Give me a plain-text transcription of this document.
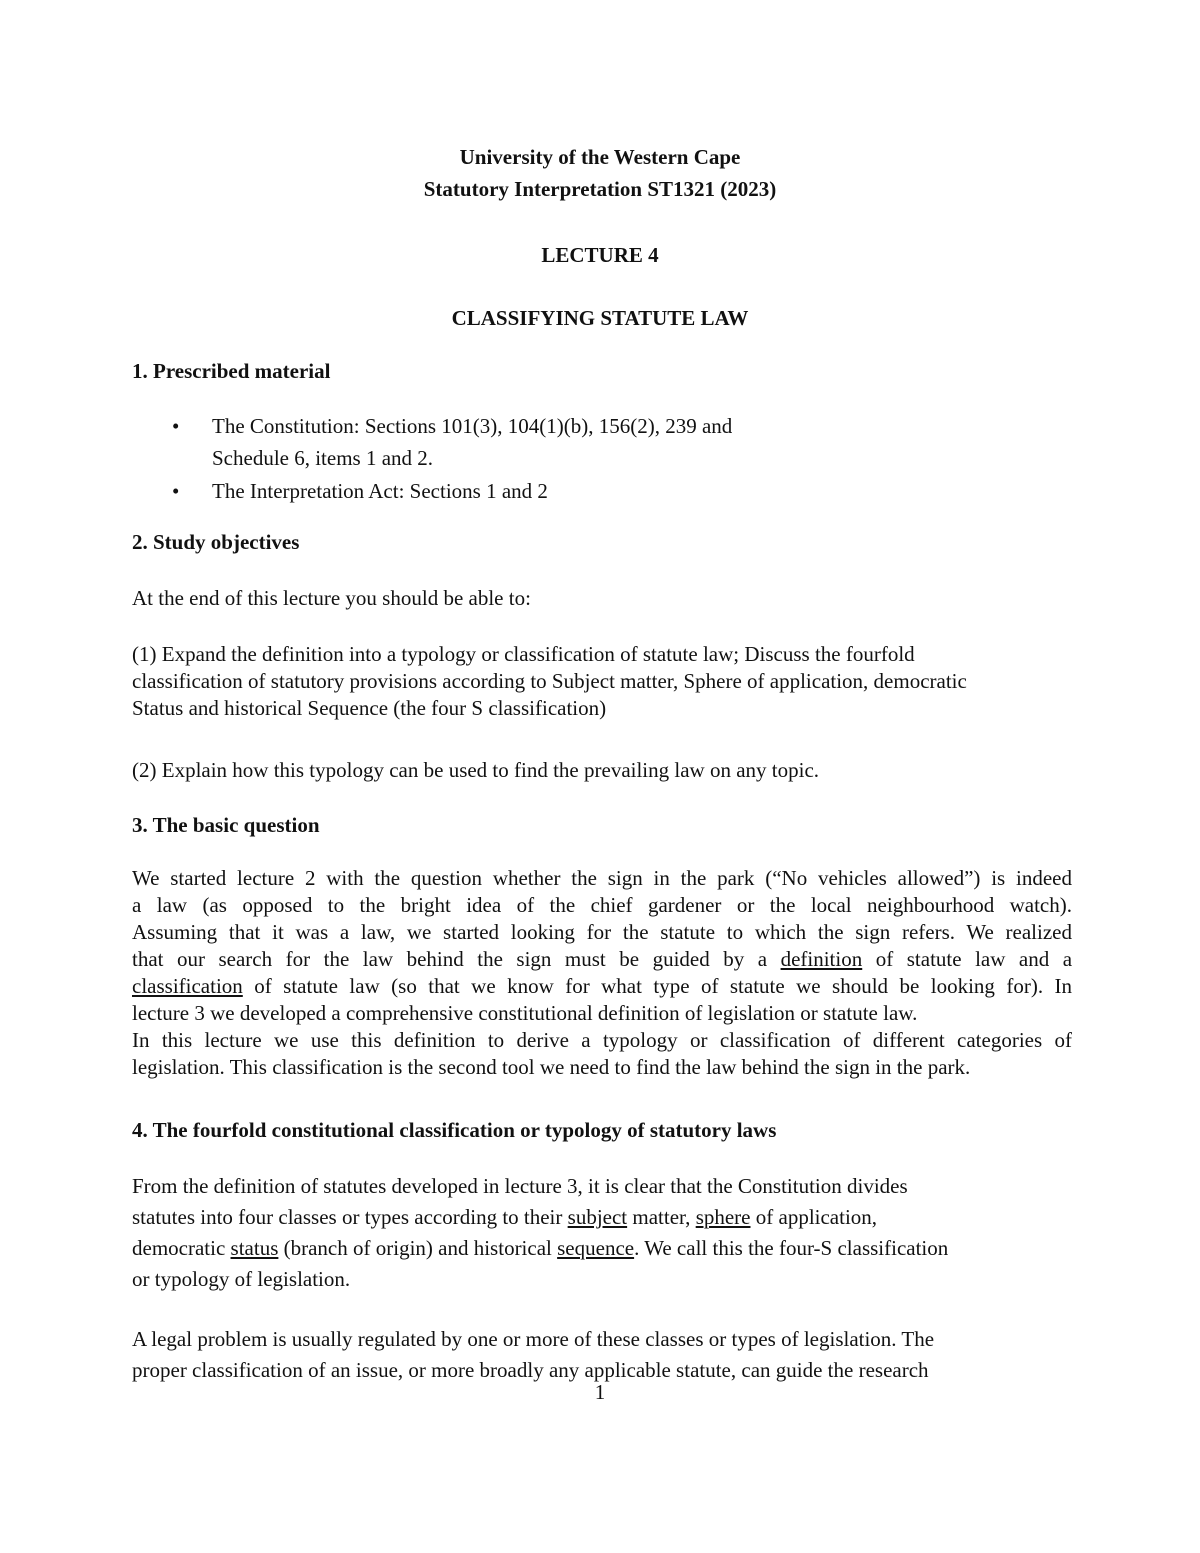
University of the Western Cape
Statutory Interpretation ST1321 (2023)
LECTURE 4
CLASSIFYING STATUTE LAW
1. Prescribed material
•	The Constitution: Sections 101(3), 104(1)(b), 156(2), 239 and
Schedule 6, items 1 and 2.
•	The Interpretation Act: Sections 1 and 2
2. Study objectives
At the end of this lecture you should be able to:
(1) Expand the definition into a typology or classification of statute law; Discuss the fourfold
classification of statutory provisions according to Subject matter, Sphere of application, democratic
Status and historical Sequence (the four S classification)
(2) Explain how this typology can be used to find the prevailing law on any topic.
3. The basic question
We started lecture 2 with the question whether the sign in the park (“No vehicles allowed”) is indeed
a law (as opposed to the bright idea of the chief gardener or the local neighbourhood watch).
Assuming that it was a law, we started looking for the statute to which the sign refers. We realized
that our search for the law behind the sign must be guided by a definition of statute law and a
classification of statute law (so that we know for what type of statute we should be looking for). In
lecture 3 we developed a comprehensive constitutional definition of legislation or statute law.
In this lecture we use this definition to derive a typology or classification of different categories of
legislation. This classification is the second tool we need to find the law behind the sign in the park.
4. The fourfold constitutional classification or typology of statutory laws
From the definition of statutes developed in lecture 3, it is clear that the Constitution divides
statutes into four classes or types according to their subject matter, sphere of application,
democratic status (branch of origin) and historical sequence. We call this the four-S classification
or typology of legislation.
A legal problem is usually regulated by one or more of these classes or types of legislation. The
proper classification of an issue, or more broadly any applicable statute, can guide the research
1
